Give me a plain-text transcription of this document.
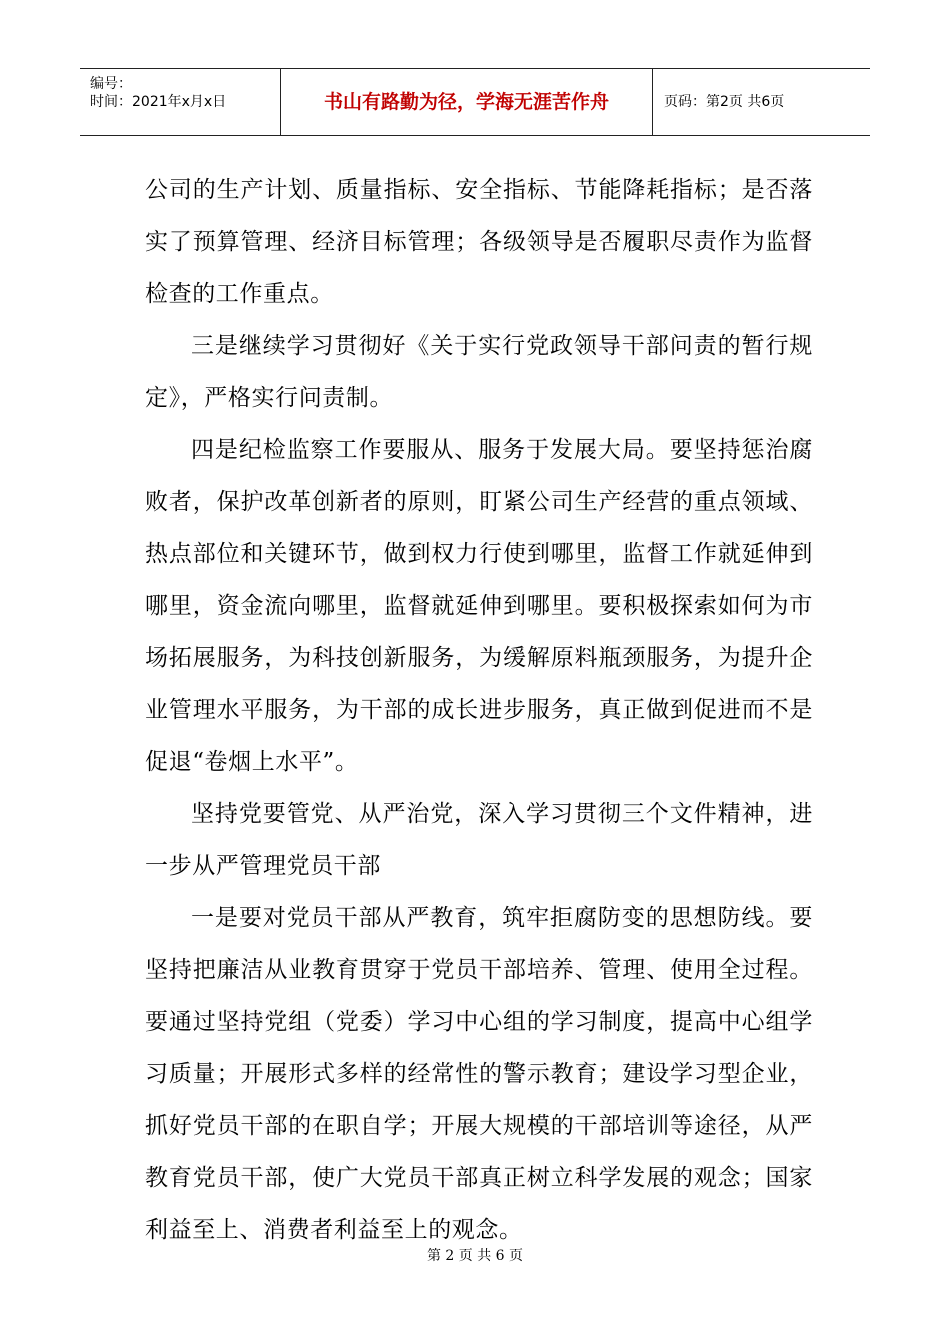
编号：
时间：2021年x月x日	书山有路勤为径，学海无涯苦作舟	页码：第2页 共6页

公司的生产计划、质量指标、安全指标、节能降耗指标；是否落实了预算管理、经济目标管理；各级领导是否履职尽责作为监督检查的工作重点。

三是继续学习贯彻好《关于实行党政领导干部问责的暂行规定》，严格实行问责制。

四是纪检监察工作要服从、服务于发展大局。要坚持惩治腐败者，保护改革创新者的原则，盯紧公司生产经营的重点领域、热点部位和关键环节，做到权力行使到哪里，监督工作就延伸到哪里，资金流向哪里，监督就延伸到哪里。要积极探索如何为市场拓展服务，为科技创新服务，为缓解原料瓶颈服务，为提升企业管理水平服务，为干部的成长进步服务，真正做到促进而不是促退“卷烟上水平”。

坚持党要管党、从严治党，深入学习贯彻三个文件精神，进一步从严管理党员干部

一是要对党员干部从严教育，筑牢拒腐防变的思想防线。要坚持把廉洁从业教育贯穿于党员干部培养、管理、使用全过程。要通过坚持党组（党委）学习中心组的学习制度，提高中心组学习质量；开展形式多样的经常性的警示教育；建设学习型企业，抓好党员干部的在职自学；开展大规模的干部培训等途径，从严教育党员干部，使广大党员干部真正树立科学发展的观念；国家利益至上、消费者利益至上的观念。

第 2 页 共 6 页
